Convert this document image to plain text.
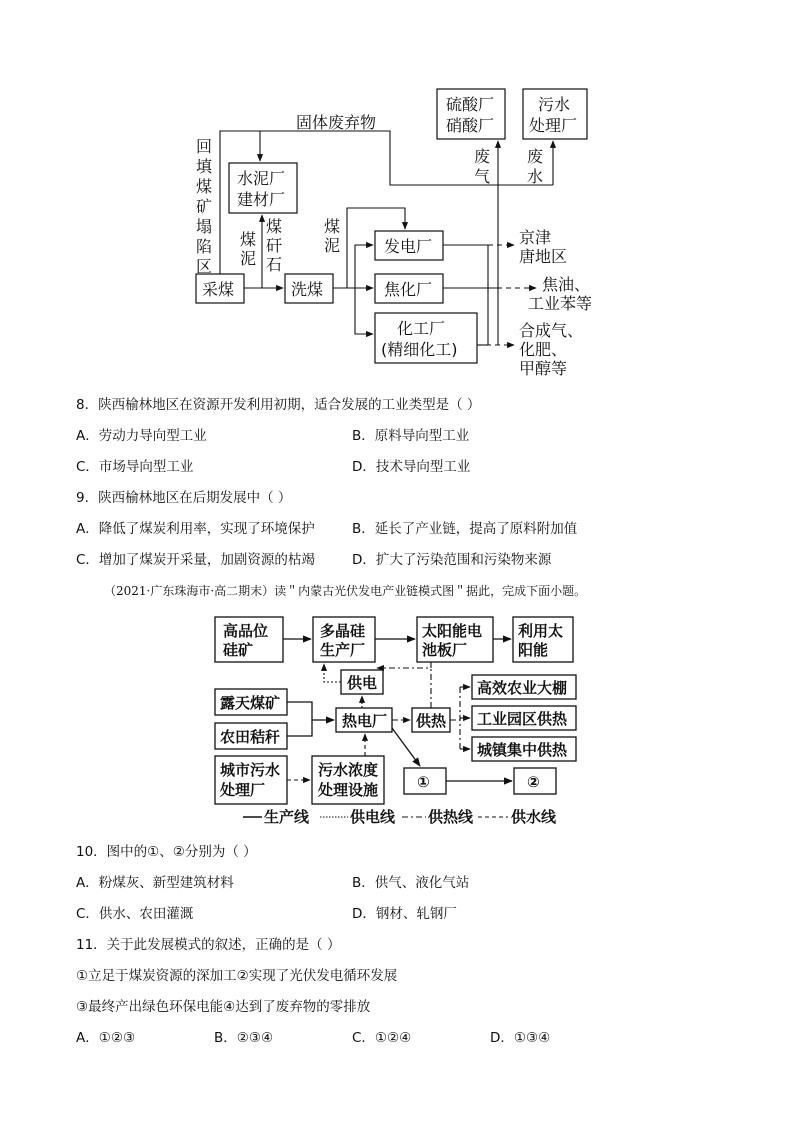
硫酸厂
硝酸厂
污水
处理厂
水泥厂
建材厂
采煤	洗煤
发电厂
焦化厂
化工厂
(精细化工)
固体废弃物
回
填
煤
矿
塌
陷
区
煤
泥
煤
矸
石
煤
泥
废
气
废
水
京津
唐地区
焦油、
工业苯等
合成气、
化肥、
甲醇等
高品位
硅矿
多晶硅
生产厂
太阳能电
池板厂
利用太
阳能
供电
露天煤矿
农田秸秆
热电厂 供热
高效农业大棚
工业园区供热
城镇集中供热
城市污水
处理厂
污水浓度
处理设施	①	②
生产线	供电线 供热线	供水线
8．陕西榆林地区在资源开发利用初期，适合发展的工业类型是（ ）
A．劳动力导向型工业	B．原料导向型工业
C．市场导向型工业	D．技术导向型工业
9．陕西榆林地区在后期发展中（ ）
A．降低了煤炭利用率，实现了环境保护	B．延长了产业链，提高了原料附加值
C．增加了煤炭开采量，加剧资源的枯竭	D．扩大了污染范围和污染物来源
（2021·广东珠海市·高二期末）读＂内蒙古光伏发电产业链模式图＂据此，完成下面小题。
10．图中的①、②分别为（ ）
A．粉煤灰、新型建筑材料	B．供气、液化气站
C．供水、农田灌溉	D．钢材、轧钢厂
11．关于此发展模式的叙述，正确的是（ ）
①立足于煤炭资源的深加工②实现了光伏发电循环发展
③最终产出绿色环保电能④达到了废弃物的零排放
A．①②③	B．②③④	C．①②④	D．①③④
